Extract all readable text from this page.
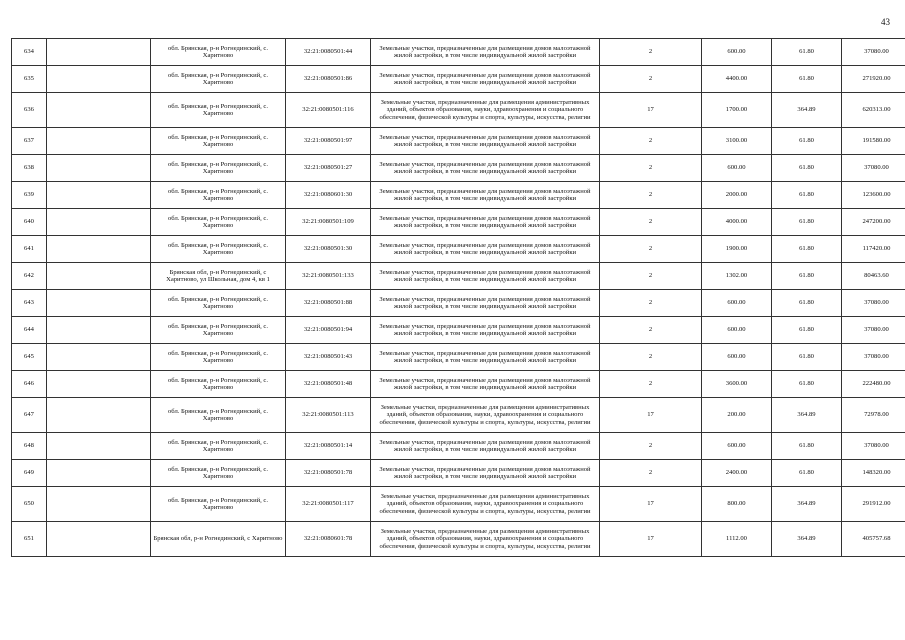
43
634		обл. Брянская, р-н Рогнединский, с. Харитново	32:21:0080501:44	Земельные участки, предназначенные для размещения домов малоэтажной жилой застройки, в том числе индивидуальной жилой застройки	2	600.00	61.80	37080.00
635		обл. Брянская, р-н Рогнединский, с. Харитново	32:21:0080501:86	Земельные участки, предназначенные для размещения домов малоэтажной жилой застройки, в том числе индивидуальной жилой застройки	2	4400.00	61.80	271920.00
636		обл. Брянская, р-н Рогнединский, с. Харитново	32:21:0080501:116	Земельные участки, предназначенные для размещения административных зданий, объектов образования, науки, здравоохранения и социального обеспечения, физической культуры и спорта, культуры, искусства, религии	17	1700.00	364.89	620313.00
637		обл. Брянская, р-н Рогнединский, с. Харитново	32:21:0080501:97	Земельные участки, предназначенные для размещения домов малоэтажной жилой застройки, в том числе индивидуальной жилой застройки	2	3100.00	61.80	191580.00
638		обл. Брянская, р-н Рогнединский, с. Харитново	32:21:0080501:27	Земельные участки, предназначенные для размещения домов малоэтажной жилой застройки, в том числе индивидуальной жилой застройки	2	600.00	61.80	37080.00
639		обл. Брянская, р-н Рогнединский, с. Харитново	32:21:0080601:30	Земельные участки, предназначенные для размещения домов малоэтажной жилой застройки, в том числе индивидуальной жилой застройки	2	2000.00	61.80	123600.00
640		обл. Брянская, р-н Рогнединский, с. Харитново	32:21:0080501:109	Земельные участки, предназначенные для размещения домов малоэтажной жилой застройки, в том числе индивидуальной жилой застройки	2	4000.00	61.80	247200.00
641		обл. Брянская, р-н Рогнединский, с. Харитново	32:21:0080501:30	Земельные участки, предназначенные для размещения домов малоэтажной жилой застройки, в том числе индивидуальной жилой застройки	2	1900.00	61.80	117420.00
642		Брянская обл, р-н Рогнединский, с Харитново, ул Школьная, дом 4, кв 1	32:21:0080501:133	Земельные участки, предназначенные для размещения домов малоэтажной жилой застройки, в том числе индивидуальной жилой застройки	2	1302.00	61.80	80463.60
643		обл. Брянская, р-н Рогнединский, с. Харитново	32:21:0080501:88	Земельные участки, предназначенные для размещения домов малоэтажной жилой застройки, в том числе индивидуальной жилой застройки	2	600.00	61.80	37080.00
644		обл. Брянская, р-н Рогнединский, с. Харитново	32:21:0080501:94	Земельные участки, предназначенные для размещения домов малоэтажной жилой застройки, в том числе индивидуальной жилой застройки	2	600.00	61.80	37080.00
645		обл. Брянская, р-н Рогнединский, с. Харитново	32:21:0080501:43	Земельные участки, предназначенные для размещения домов малоэтажной жилой застройки, в том числе индивидуальной жилой застройки	2	600.00	61.80	37080.00
646		обл. Брянская, р-н Рогнединский, с. Харитново	32:21:0080501:48	Земельные участки, предназначенные для размещения домов малоэтажной жилой застройки, в том числе индивидуальной жилой застройки	2	3600.00	61.80	222480.00
647		обл. Брянская, р-н Рогнединский, с. Харитново	32:21:0080501:113	Земельные участки, предназначенные для размещения административных зданий, объектов образования, науки, здравоохранения и социального обеспечения, физической культуры и спорта, культуры, искусства, религии	17	200.00	364.89	72978.00
648		обл. Брянская, р-н Рогнединский, с. Харитново	32:21:0080501:14	Земельные участки, предназначенные для размещения домов малоэтажной жилой застройки, в том числе индивидуальной жилой застройки	2	600.00	61.80	37080.00
649		обл. Брянская, р-н Рогнединский, с. Харитново	32:21:0080501:78	Земельные участки, предназначенные для размещения домов малоэтажной жилой застройки, в том числе индивидуальной жилой застройки	2	2400.00	61.80	148320.00
650		обл. Брянская, р-н Рогнединский, с. Харитново	32:21:0080501:117	Земельные участки, предназначенные для размещения административных зданий, объектов образования, науки, здравоохранения и социального обеспечения, физической культуры и спорта, культуры, искусства, религии	17	800.00	364.89	291912.00
651		Брянская обл, р-н Рогнединский, с Харитново	32:21:0080601:78	Земельные участки, предназначенные для размещения административных зданий, объектов образования, науки, здравоохранения и социального обеспечения, физической культуры и спорта, культуры, искусства, религии	17	1112.00	364.89	405757.68
